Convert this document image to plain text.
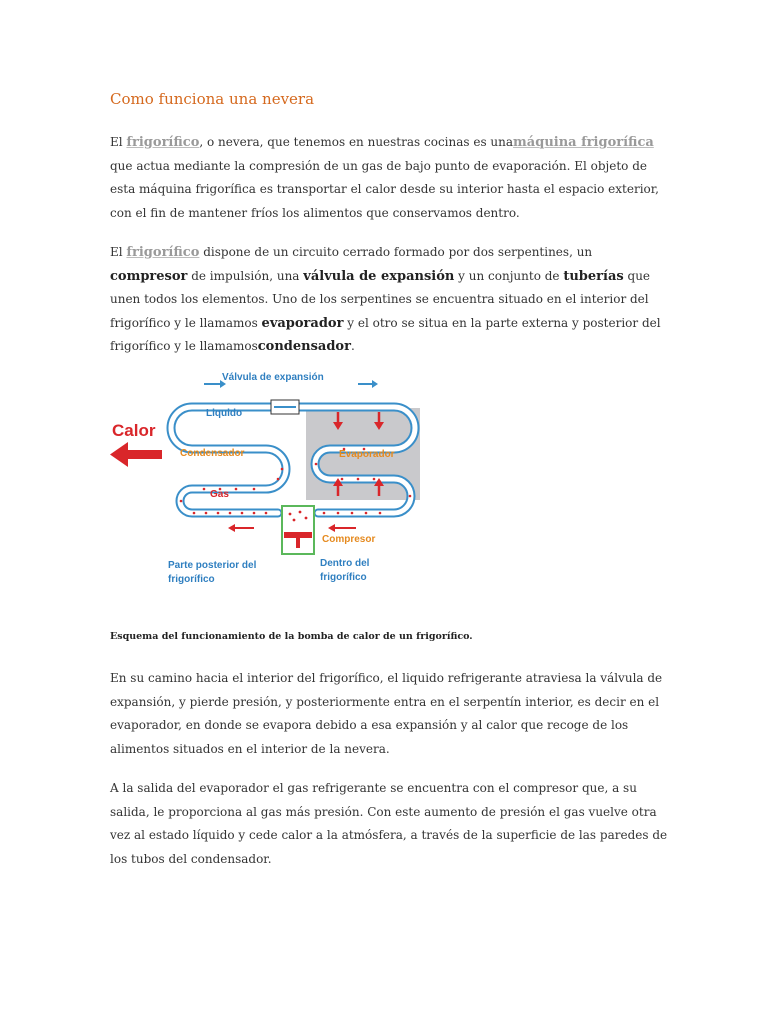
Como funciona una nevera

El frigorífico, o nevera, que tenemos en nuestras cocinas es unamáquina frigorífica que actua mediante la compresión de un gas de bajo punto de evaporación. El objeto de esta máquina frigorífica es transportar el calor desde su interior hasta el espacio exterior, con el fin de mantener fríos los alimentos que conservamos dentro.

El frigorífico dispone de un circuito cerrado formado por dos serpentines, un compresor de impulsión, una válvula de expansión y un conjunto de tuberías que unen todos los elementos. Uno de los serpentines se encuentra situado en el interior del frigorífico y le llamamos evaporador y el otro se situa en la parte externa y posterior del frigorífico y le llamamoscondensador.

Válvula de expansión
Liquido
Calor
Condensador	Evaporador
Gas
Compresor
Parte posterior del
frigorífico
Dentro del
frigorífico

Esquema del funcionamiento de la bomba de calor de un frigorífico.

En su camino hacia el interior del frigorífico, el liquido refrigerante atraviesa la válvula de expansión, y pierde presión, y posteriormente entra en el serpentín interior, es decir en el evaporador, en donde se evapora debido a esa expansión y al calor que recoge de los alimentos situados en el interior de la nevera.

A la salida del evaporador el gas refrigerante se encuentra con el compresor que, a su salida, le proporciona al gas más presión. Con este aumento de presión el gas vuelve otra vez al estado líquido y cede calor a la atmósfera, a través de la superficie de las paredes de los tubos del condensador.
